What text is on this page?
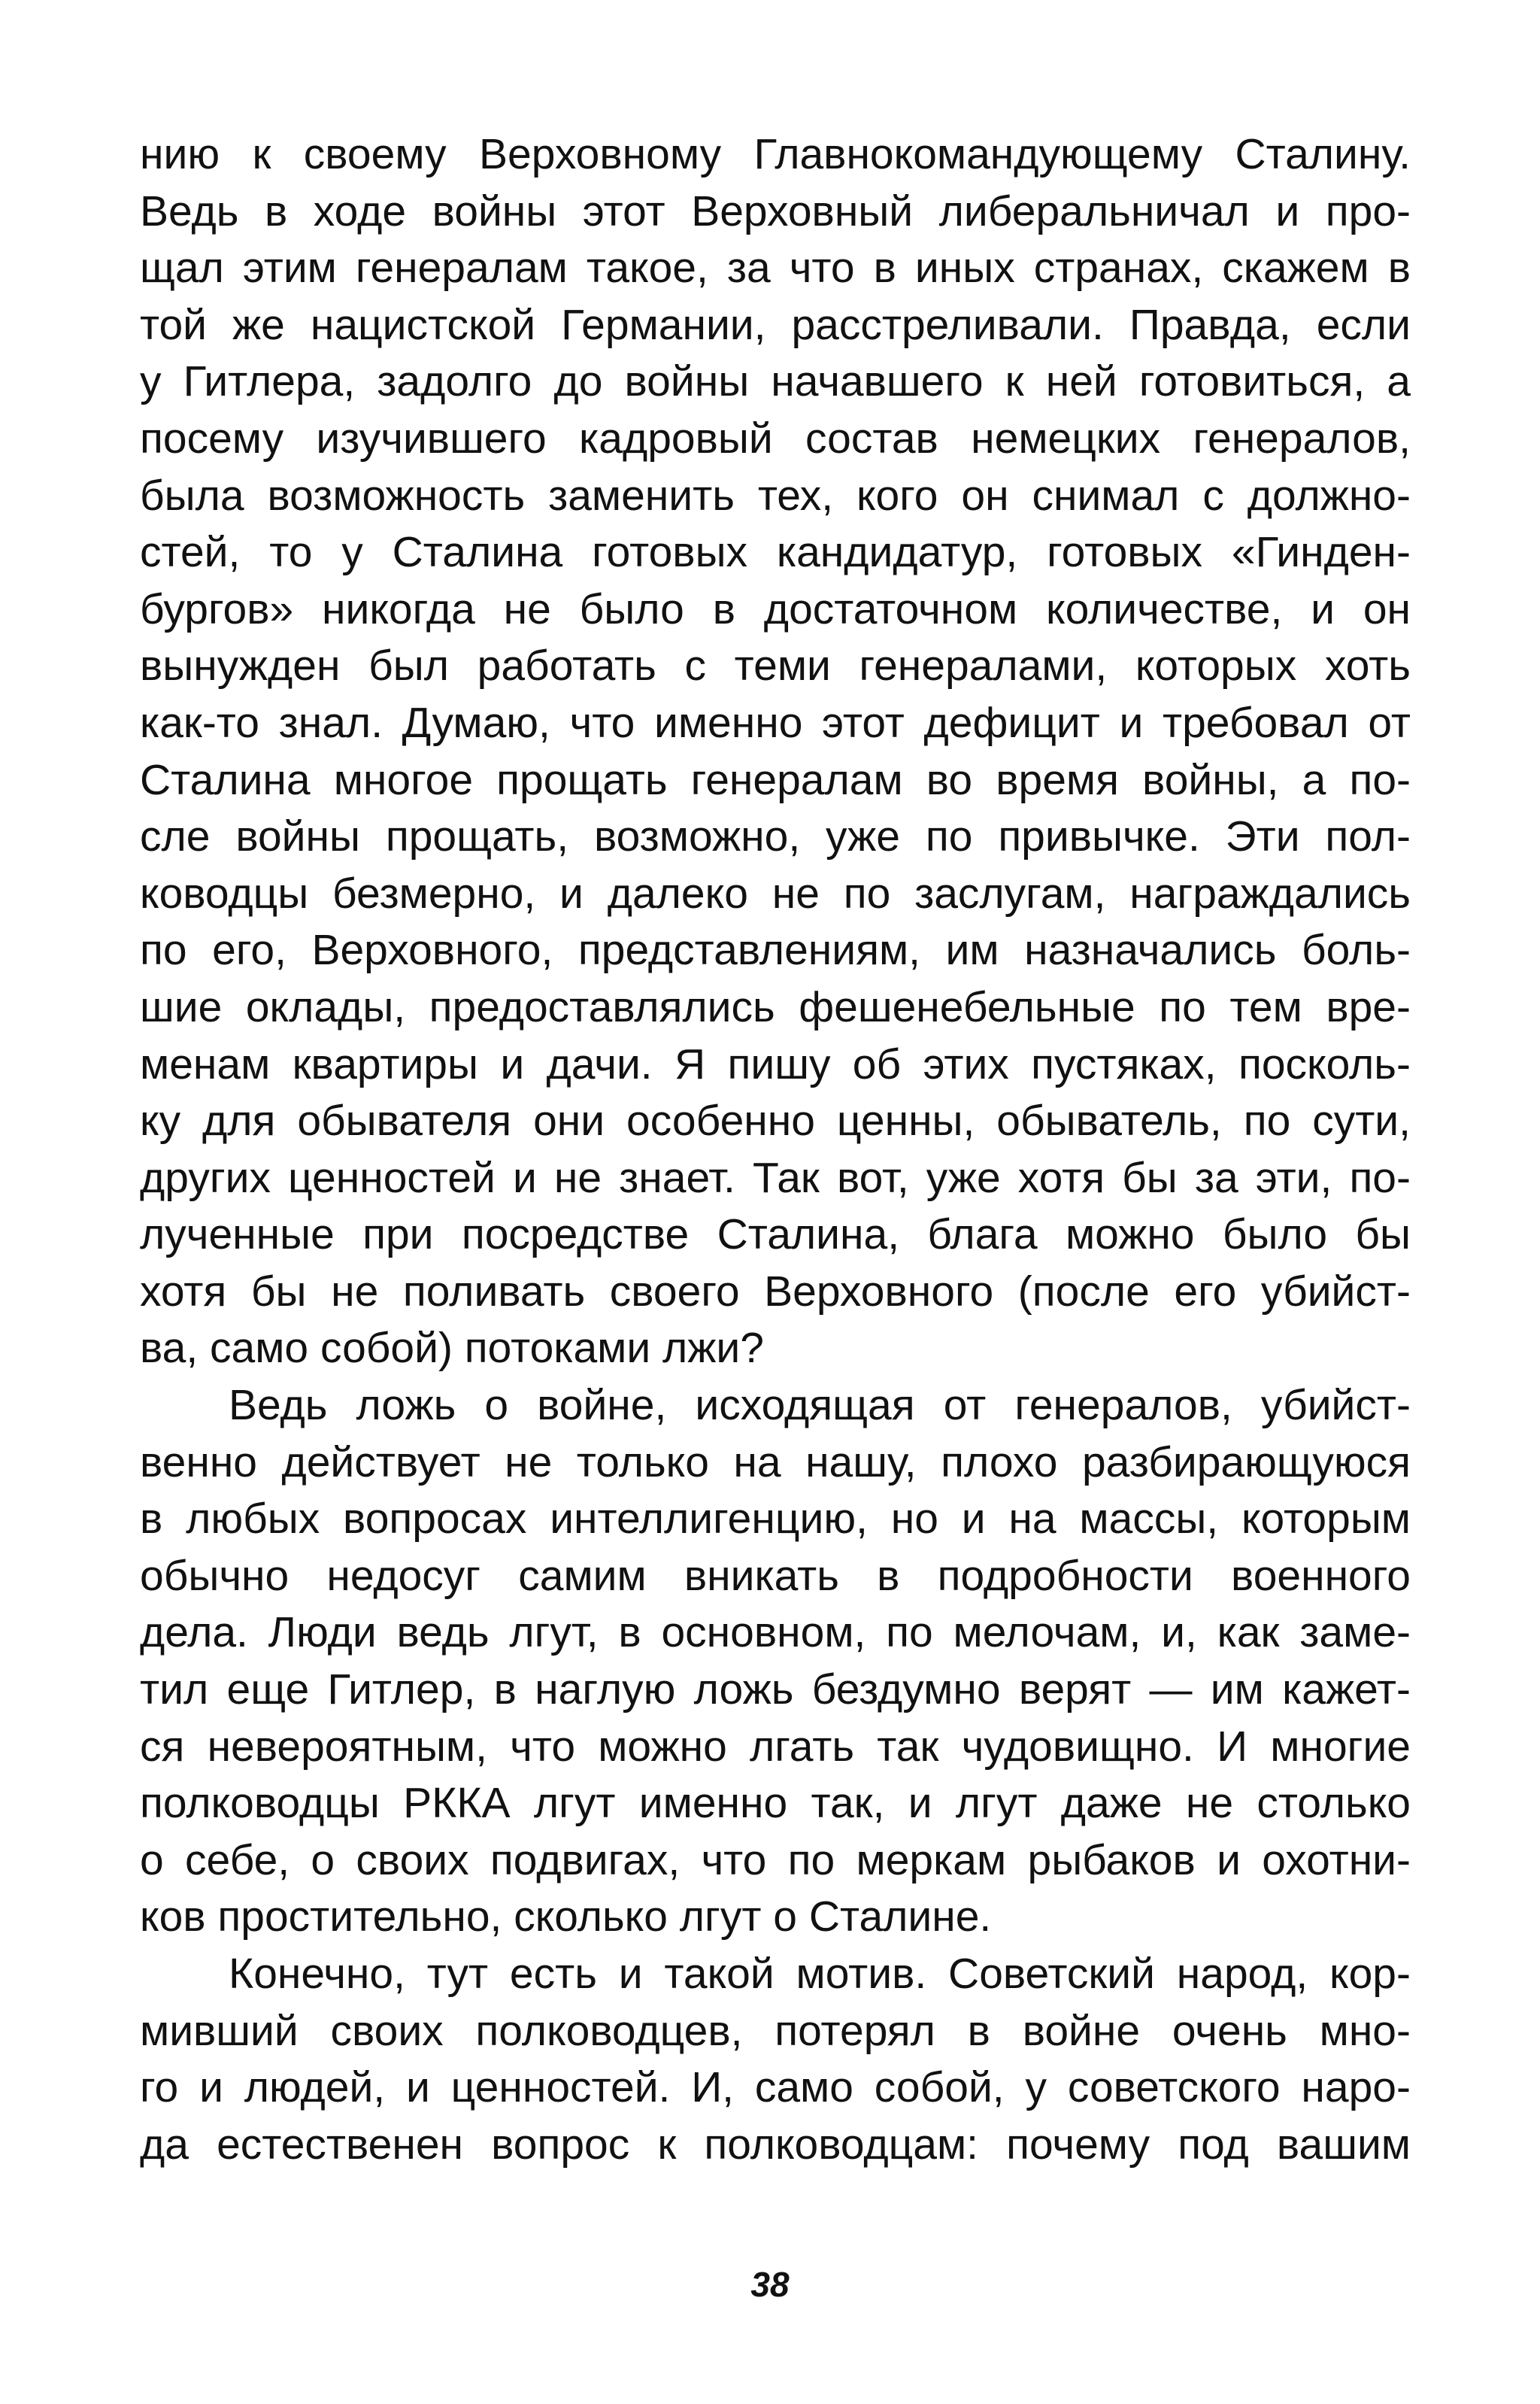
нию к своему Верховному Главнокомандующему Сталину.
Ведь в ходе войны этот Верховный либеральничал и про-
щал этим генералам такое, за что в иных странах, скажем в
той же нацистской Германии, расстреливали. Правда, если
у Гитлера, задолго до войны начавшего к ней готовиться, а
посему изучившего кадровый состав немецких генералов,
была возможность заменить тех, кого он снимал с должно-
стей, то у Сталина готовых кандидатур, готовых «Гинден-
бургов» никогда не было в достаточном количестве, и он
вынужден был работать с теми генералами, которых хоть
как-то знал. Думаю, что именно этот дефицит и требовал от
Сталина многое прощать генералам во время войны, а по-
сле войны прощать, возможно, уже по привычке. Эти пол-
ководцы безмерно, и далеко не по заслугам, награждались
по его, Верховного, представлениям, им назначались боль-
шие оклады, предоставлялись фешенебельные по тем вре-
менам квартиры и дачи. Я пишу об этих пустяках, посколь-
ку для обывателя они особенно ценны, обыватель, по сути,
других ценностей и не знает. Так вот, уже хотя бы за эти, по-
лученные при посредстве Сталина, блага можно было бы
хотя бы не поливать своего Верховного (после его убийст-
ва, само собой) потоками лжи?
Ведь ложь о войне, исходящая от генералов, убийст-
венно действует не только на нашу, плохо разбирающуюся
в любых вопросах интеллигенцию, но и на массы, которым
обычно недосуг самим вникать в подробности военного
дела. Люди ведь лгут, в основном, по мелочам, и, как заме-
тил еще Гитлер, в наглую ложь бездумно верят — им кажет-
ся невероятным, что можно лгать так чудовищно. И многие
полководцы РККА лгут именно так, и лгут даже не столько
о себе, о своих подвигах, что по меркам рыбаков и охотни-
ков простительно, сколько лгут о Сталине.
Конечно, тут есть и такой мотив. Советский народ, кор-
мивший своих полководцев, потерял в войне очень мно-
го и людей, и ценностей. И, само собой, у советского наро-
да естественен вопрос к полководцам: почему под вашим
38
